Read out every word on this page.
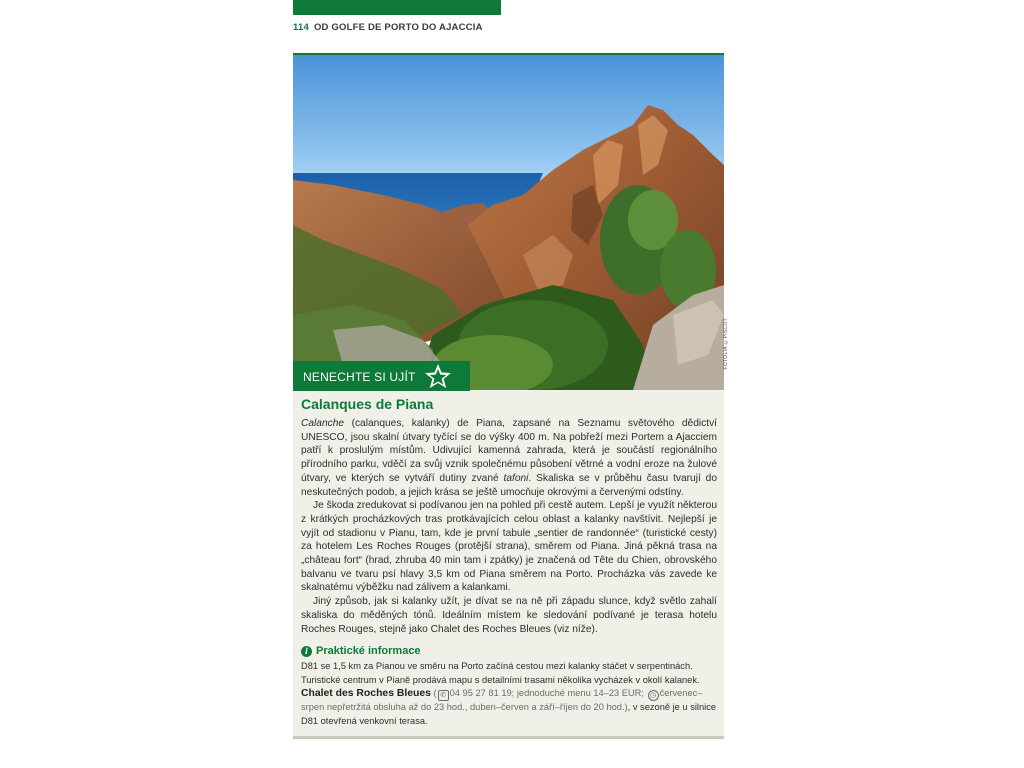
114 OD GOLFE DE PORTO DO AJACCIA
FOTOLIA ©PISCOT
NENECHTE SI UJÍT
Calanques de Piana

Calanche (calanques, kalanky) de Piana, zapsané na Seznamu světového dědictví UNESCO, jsou skalní útvary tyčící se do výšky 400 m. Na pobřeží mezi Portem a Ajacciem patří k proslulým místům. Udivující kamenná zahrada, která je součástí regionálního přírodního parku, vděčí za svůj vznik společnému působení větrné a vodní eroze na žulové útvary, ve kterých se vytváří dutiny zvané tafoni. Skaliska se v průběhu času tvarují do neskutečných podob, a jejich krása se ještě umocňuje okrovými a červenými odstíny.

Je škoda zredukovat si podívanou jen na pohled při cestě autem. Lepší je využít některou z krátkých procházkových tras protkávajících celou oblast a kalanky navštívit. Nejlepší je vyjít od stadionu v Pianu, tam, kde je první tabule „sentier de randonnée“ (turistické cesty) za hotelem Les Roches Rouges (protější strana), směrem od Piana. Jiná pěkná trasa na „château fort“ (hrad, zhruba 40 min tam i zpátky) je značená od Tête du Chien, obrovského balvanu ve tvaru psí hlavy 3,5 km od Piana směrem na Porto. Procházka vás zavede ke skalnatému výběžku nad zálivem a kalankami.

Jiný způsob, jak si kalanky užít, je dívat se na ně při západu slunce, když světlo zahalí skaliska do měděných tónů. Ideálním místem ke sledování podívané je terasa hotelu Roches Rouges, stejně jako Chalet des Roches Bleues (viz níže).

i Praktické informace

D81 se 1,5 km za Pianou ve směru na Porto začíná cestou mezi kalanky stáčet v serpentinách. Turistické centrum v Pianě prodává mapu s detailními trasami několika vycházek v okolí kalanek.

Chalet des Roches Bleues ( ✆ 04 95 27 81 19; jednoduché menu 14–23 EUR; ◷ červenec–srpen nepřetržitá obsluha až do 23 hod., duben–červen a září–říjen do 20 hod.), v sezoně je u silnice D81 otevřená venkovní terasa.
